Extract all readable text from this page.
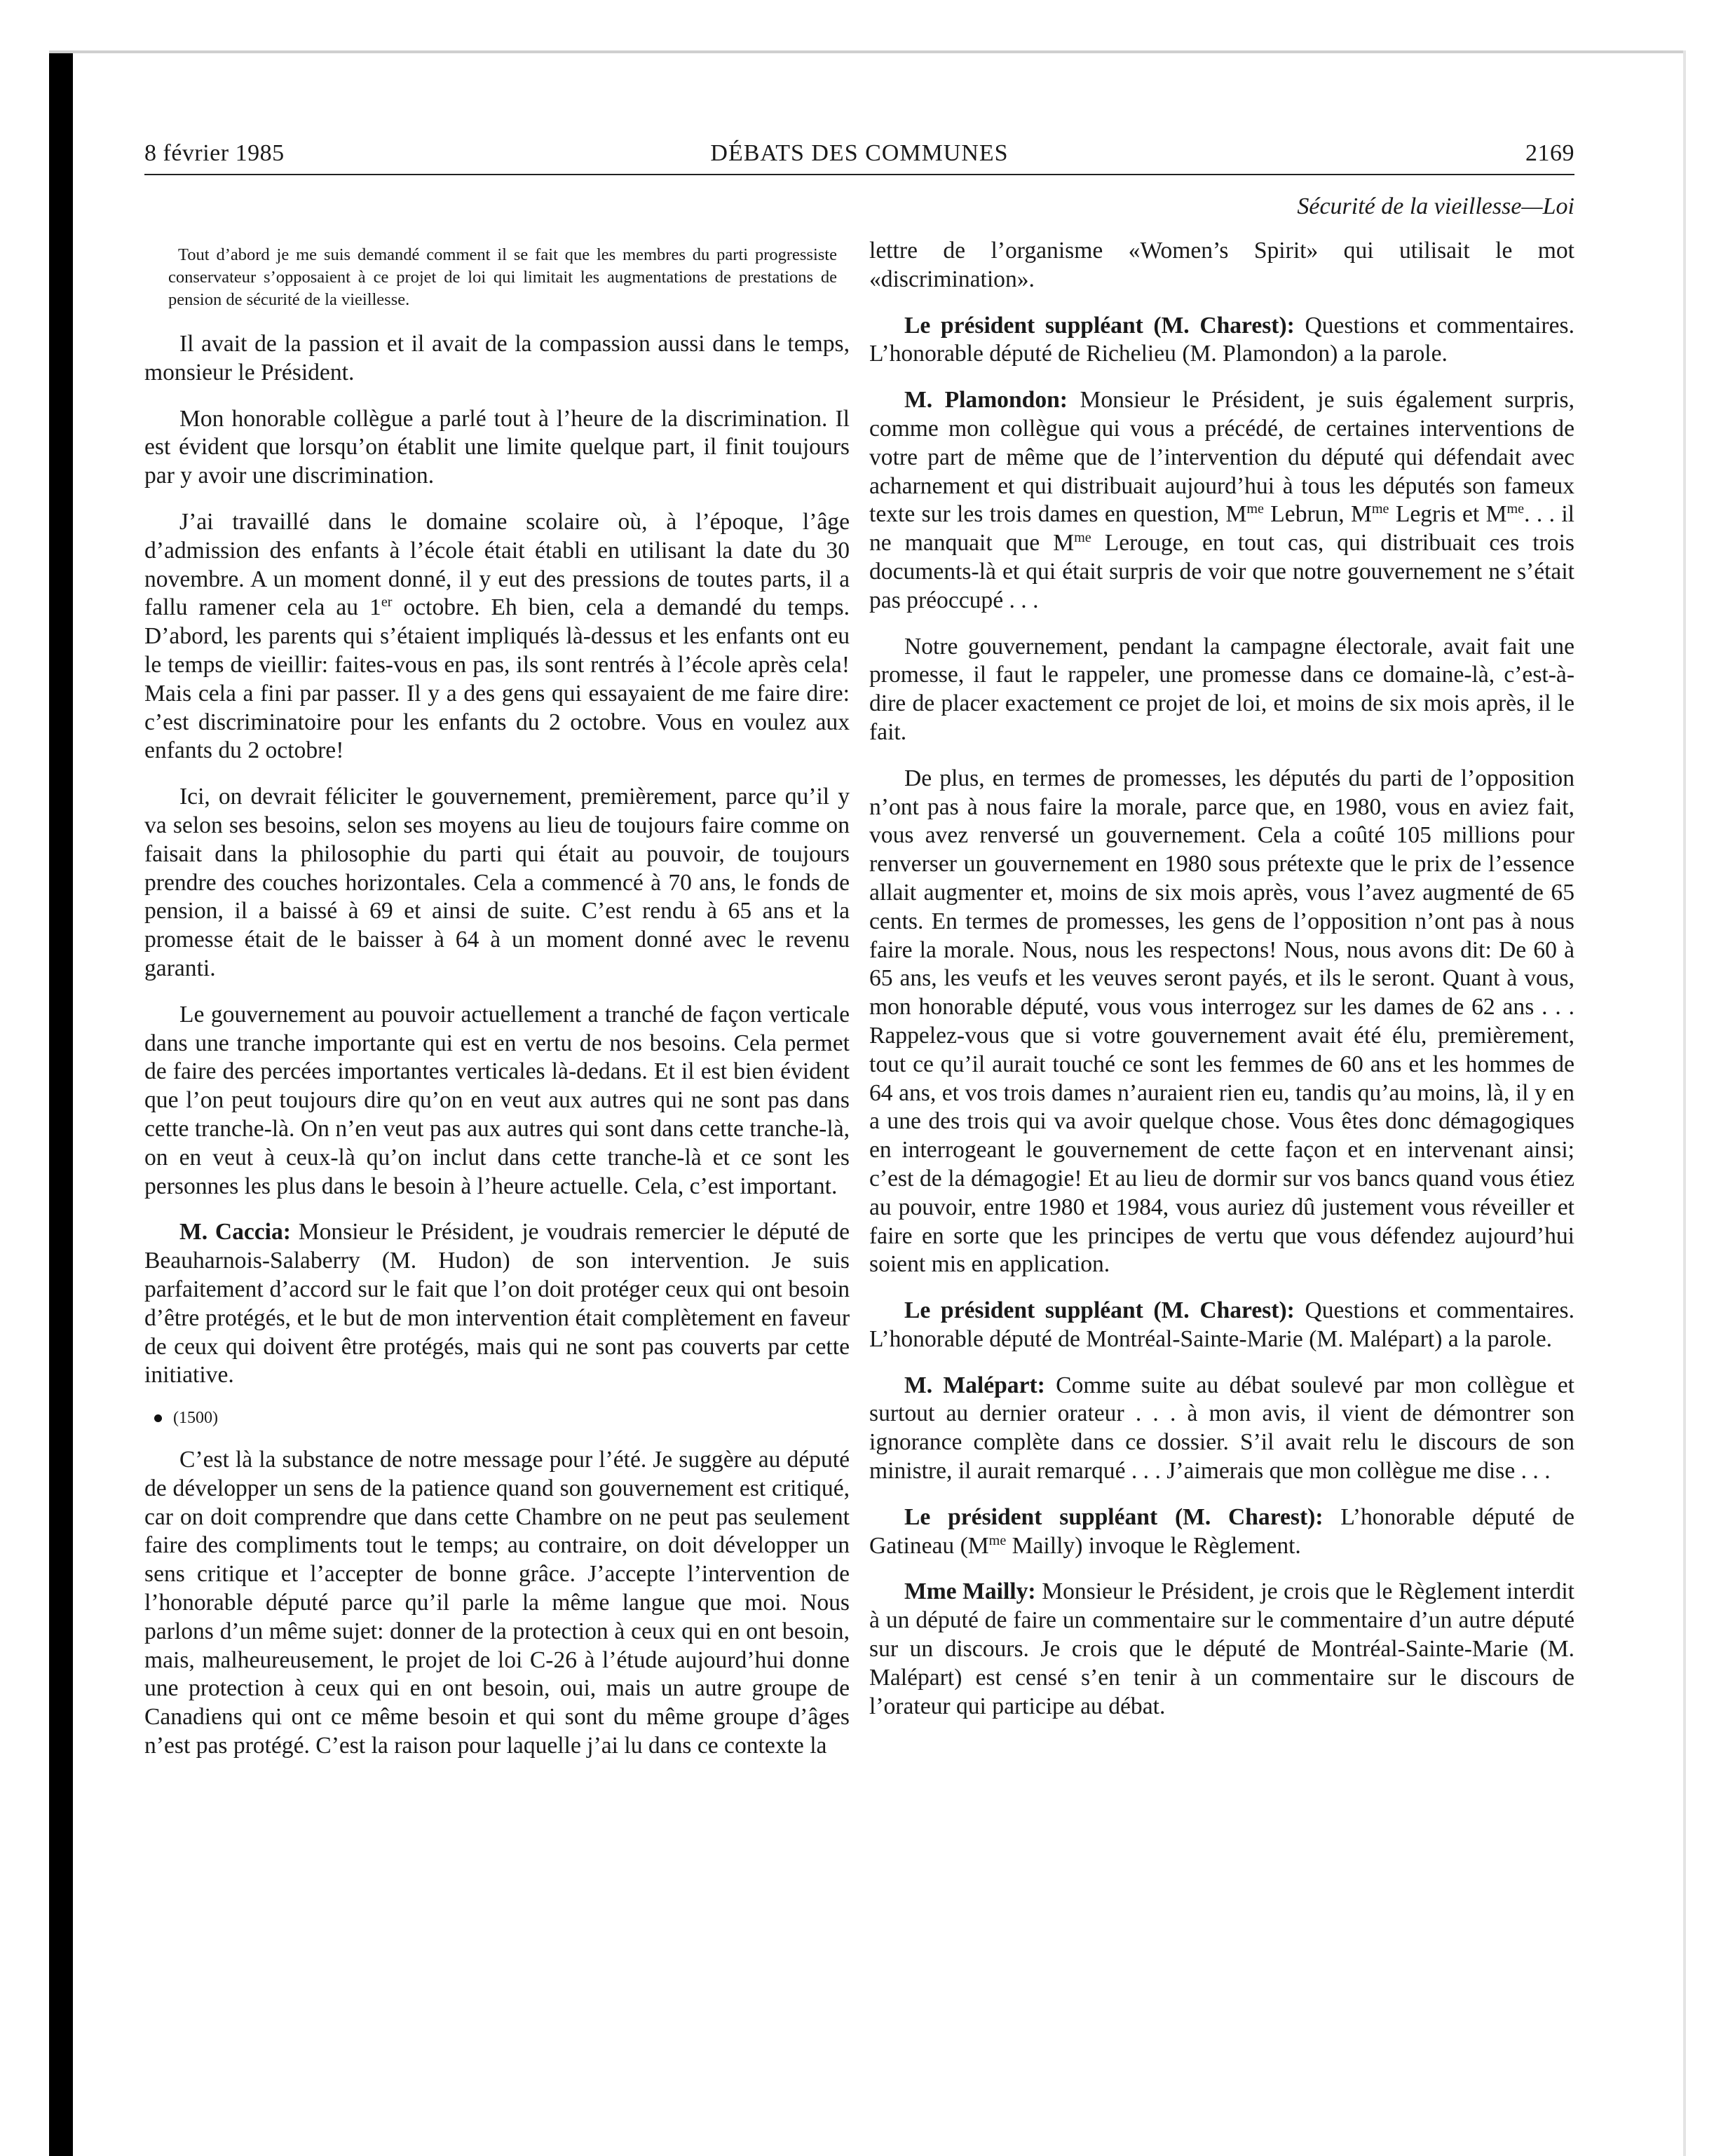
8 février 1985	DÉBATS DES COMMUNES	2169
Sécurité de la vieillesse—Loi

Tout d’abord je me suis demandé comment il se fait que les membres du parti progressiste conservateur s’opposaient à ce projet de loi qui limitait les augmentations de prestations de pension de sécurité de la vieillesse.

Il avait de la passion et il avait de la compassion aussi dans le temps, monsieur le Président.

Mon honorable collègue a parlé tout à l’heure de la discrimination. Il est évident que lorsqu’on établit une limite quelque part, il finit toujours par y avoir une discrimination.

J’ai travaillé dans le domaine scolaire où, à l’époque, l’âge d’admission des enfants à l’école était établi en utilisant la date du 30 novembre. A un moment donné, il y eut des pressions de toutes parts, il a fallu ramener cela au 1er octobre. Eh bien, cela a demandé du temps. D’abord, les parents qui s’étaient impliqués là-dessus et les enfants ont eu le temps de vieillir: faites-vous en pas, ils sont rentrés à l’école après cela! Mais cela a fini par passer. Il y a des gens qui essayaient de me faire dire: c’est discriminatoire pour les enfants du 2 octobre. Vous en voulez aux enfants du 2 octobre!

Ici, on devrait féliciter le gouvernement, premièrement, parce qu’il y va selon ses besoins, selon ses moyens au lieu de toujours faire comme on faisait dans la philosophie du parti qui était au pouvoir, de toujours prendre des couches horizontales. Cela a commencé à 70 ans, le fonds de pension, il a baissé à 69 et ainsi de suite. C’est rendu à 65 ans et la promesse était de le baisser à 64 à un moment donné avec le revenu garanti.

Le gouvernement au pouvoir actuellement a tranché de façon verticale dans une tranche importante qui est en vertu de nos besoins. Cela permet de faire des percées importantes verticales là-dedans. Et il est bien évident que l’on peut toujours dire qu’on en veut aux autres qui ne sont pas dans cette tranche-là. On n’en veut pas aux autres qui sont dans cette tranche-là, on en veut à ceux-là qu’on inclut dans cette tranche-là et ce sont les personnes les plus dans le besoin à l’heure actuelle. Cela, c’est important.

M. Caccia: Monsieur le Président, je voudrais remercier le député de Beauharnois-Salaberry (M. Hudon) de son intervention. Je suis parfaitement d’accord sur le fait que l’on doit protéger ceux qui ont besoin d’être protégés, et le but de mon intervention était complètement en faveur de ceux qui doivent être protégés, mais qui ne sont pas couverts par cette initiative.

(1500)

C’est là la substance de notre message pour l’été. Je suggère au député de développer un sens de la patience quand son gouvernement est critiqué, car on doit comprendre que dans cette Chambre on ne peut pas seulement faire des compliments tout le temps; au contraire, on doit développer un sens critique et l’accepter de bonne grâce. J’accepte l’intervention de l’honorable député parce qu’il parle la même langue que moi. Nous parlons d’un même sujet: donner de la protection à ceux qui en ont besoin, mais, malheureusement, le projet de loi C-26 à l’étude aujourd’hui donne une protection à ceux qui en ont besoin, oui, mais un autre groupe de Canadiens qui ont ce même besoin et qui sont du même groupe d’âges n’est pas protégé. C’est la raison pour laquelle j’ai lu dans ce contexte la

lettre de l’organisme «Women’s Spirit» qui utilisait le mot «discrimination».

Le président suppléant (M. Charest): Questions et commentaires. L’honorable député de Richelieu (M. Plamondon) a la parole.

M. Plamondon: Monsieur le Président, je suis également surpris, comme mon collègue qui vous a précédé, de certaines interventions de votre part de même que de l’intervention du député qui défendait avec acharnement et qui distribuait aujourd’hui à tous les députés son fameux texte sur les trois dames en question, $M^{me}$ Lebrun, $M^{me}$ Legris et $M^{me}$. . . il ne manquait que $M^{me}$ Lerouge, en tout cas, qui distribuait ces trois documents-là et qui était surpris de voir que notre gouvernement ne s’était pas préoccupé . . .

Notre gouvernement, pendant la campagne électorale, avait fait une promesse, il faut le rappeler, une promesse dans ce domaine-là, c’est-à-dire de placer exactement ce projet de loi, et moins de six mois après, il le fait.

De plus, en termes de promesses, les députés du parti de l’opposition n’ont pas à nous faire la morale, parce que, en 1980, vous en aviez fait, vous avez renversé un gouvernement. Cela a coûté 105 millions pour renverser un gouvernement en 1980 sous prétexte que le prix de l’essence allait augmenter et, moins de six mois après, vous l’avez augmenté de 65 cents. En termes de promesses, les gens de l’opposition n’ont pas à nous faire la morale. Nous, nous les respectons! Nous, nous avons dit: De 60 à 65 ans, les veufs et les veuves seront payés, et ils le seront. Quant à vous, mon honorable député, vous vous interrogez sur les dames de 62 ans . . . Rappelez-vous que si votre gouvernement avait été élu, premièrement, tout ce qu’il aurait touché ce sont les femmes de 60 ans et les hommes de 64 ans, et vos trois dames n’auraient rien eu, tandis qu’au moins, là, il y en a une des trois qui va avoir quelque chose. Vous êtes donc démagogiques en interrogeant le gouvernement de cette façon et en intervenant ainsi; c’est de la démagogie! Et au lieu de dormir sur vos bancs quand vous étiez au pouvoir, entre 1980 et 1984, vous auriez dû justement vous réveiller et faire en sorte que les principes de vertu que vous défendez aujourd’hui soient mis en application.

Le président suppléant (M. Charest): Questions et commentaires. L’honorable député de Montréal-Sainte-Marie (M. Malépart) a la parole.

M. Malépart: Comme suite au débat soulevé par mon collègue et surtout au dernier orateur . . . à mon avis, il vient de démontrer son ignorance complète dans ce dossier. S’il avait relu le discours de son ministre, il aurait remarqué . . . J’aimerais que mon collègue me dise . . .

Le président suppléant (M. Charest): L’honorable député de Gatineau ($M^{me}$ Mailly) invoque le Règlement.

Mme Mailly: Monsieur le Président, je crois que le Règlement interdit à un député de faire un commentaire sur le commentaire d’un autre député sur un discours. Je crois que le député de Montréal-Sainte-Marie (M. Malépart) est censé s’en tenir à un commentaire sur le discours de l’orateur qui participe au débat.
